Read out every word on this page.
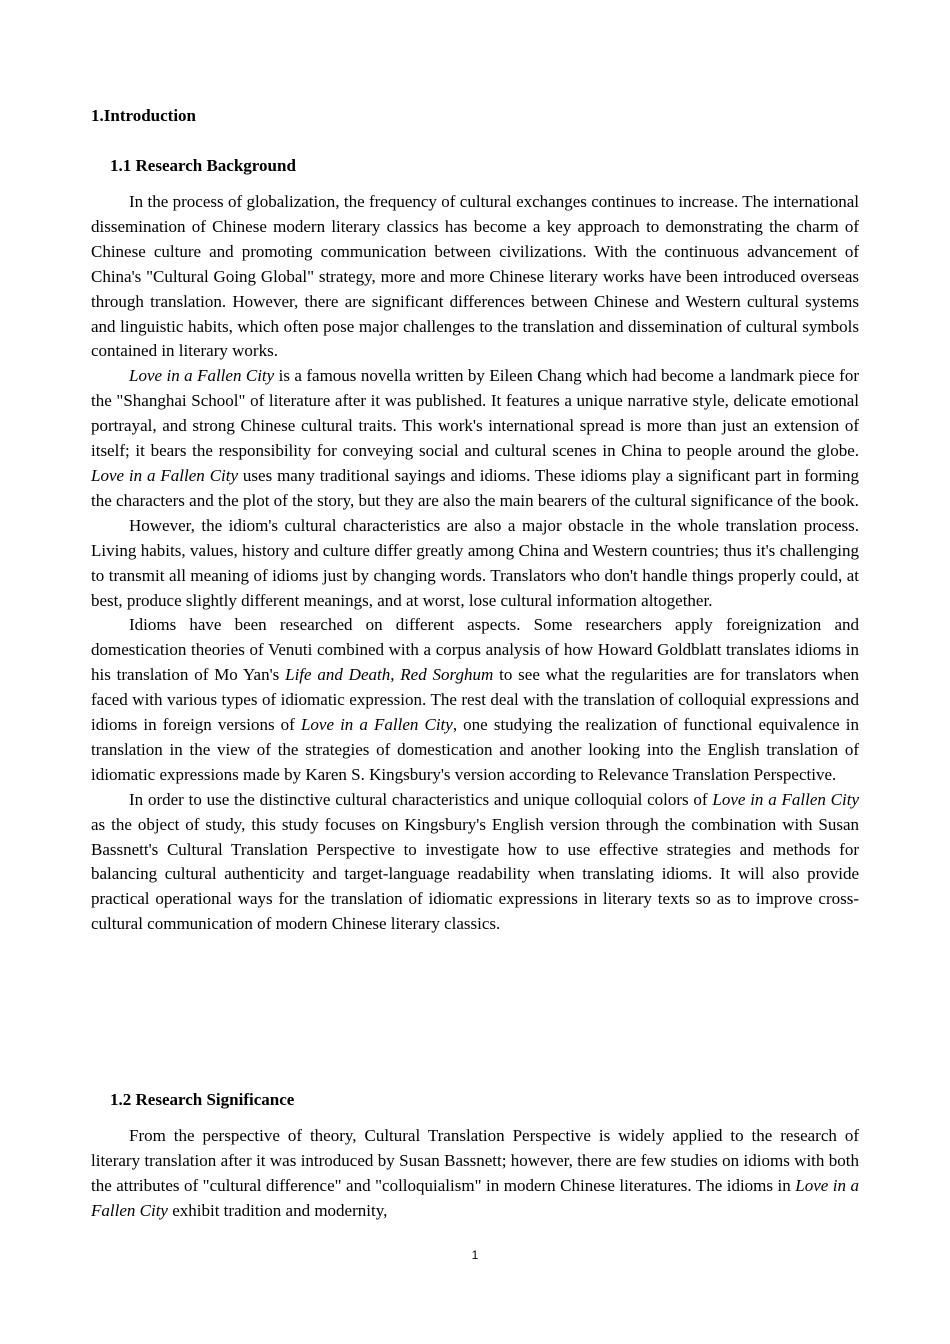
1.Introduction
1.1 Research Background

In the process of globalization, the frequency of cultural exchanges continues to increase. The international dissemination of Chinese modern literary classics has become a key approach to demonstrating the charm of Chinese culture and promoting communication between civilizations. With the continuous advancement of China's "Cultural Going Global" strategy, more and more Chinese literary works have been introduced overseas through translation. However, there are significant differences between Chinese and Western cultural systems and linguistic habits, which often pose major challenges to the translation and dissemination of cultural symbols contained in literary works.

Love in a Fallen City is a famous novella written by Eileen Chang which had become a landmark piece for the "Shanghai School" of literature after it was published. It features a unique narrative style, delicate emotional portrayal, and strong Chinese cultural traits. This work's international spread is more than just an extension of itself; it bears the responsibility for conveying social and cultural scenes in China to people around the globe. Love in a Fallen City uses many traditional sayings and idioms. These idioms play a significant part in forming the characters and the plot of the story, but they are also the main bearers of the cultural significance of the book.

However, the idiom's cultural characteristics are also a major obstacle in the whole translation process. Living habits, values, history and culture differ greatly among China and Western countries; thus it's challenging to transmit all meaning of idioms just by changing words. Translators who don't handle things properly could, at best, produce slightly different meanings, and at worst, lose cultural information altogether.

Idioms have been researched on different aspects. Some researchers apply foreignization and domestication theories of Venuti combined with a corpus analysis of how Howard Goldblatt translates idioms in his translation of Mo Yan's Life and Death, Red Sorghum to see what the regularities are for translators when faced with various types of idiomatic expression. The rest deal with the translation of colloquial expressions and idioms in foreign versions of Love in a Fallen City, one studying the realization of functional equivalence in translation in the view of the strategies of domestication and another looking into the English translation of idiomatic expressions made by Karen S. Kingsbury's version according to Relevance Translation Perspective.

In order to use the distinctive cultural characteristics and unique colloquial colors of Love in a Fallen City as the object of study, this study focuses on Kingsbury's English version through the combination with Susan Bassnett's Cultural Translation Perspective to investigate how to use effective strategies and methods for balancing cultural authenticity and target-language readability when translating idioms. It will also provide practical operational ways for the translation of idiomatic expressions in literary texts so as to improve cross-cultural communication of modern Chinese literary classics.

1.2 Research Significance

From the perspective of theory, Cultural Translation Perspective is widely applied to the research of literary translation after it was introduced by Susan Bassnett; however, there are few studies on idioms with both the attributes of "cultural difference" and "colloquialism" in modern Chinese literatures. The idioms in Love in a Fallen City exhibit tradition and modernity,

1
